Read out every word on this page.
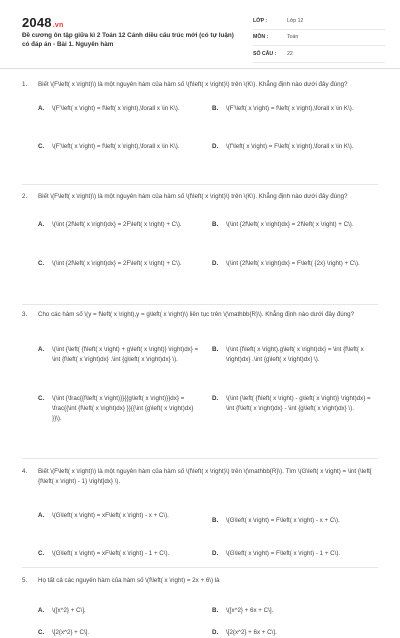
2048.vn
Đề cương ôn tập giữa kì 2 Toán 12 Cánh diều cấu trúc mới (có tự luận) có đáp án - Bài 1. Nguyên hàm
LỚP :	Lớp 12
MÔN :	Toán
SỐ CÂU :	22
1.	Biết \(F\left( x \right)\) là một nguyên hàm của hàm số \(f\left( x \right)\) trên \(K\). Khẳng định nào dưới đây đúng?
A.	\(F'\left( x \right) = f\left( x \right),\forall x \in K\).	B.	\(F'\left( x \right) = f\left( x \right),\forall x \in K\).
C.	\(F'\left( x \right) = f\left( x \right),\forall x \in K\).	D.	\(f'\left( x \right) = F\left( x \right),\forall x \in K\).
2.	Biết \(F\left( x \right)\) là một nguyên hàm của hàm số \(f\left( x \right)\) trên \(K\). Khẳng định nào dưới đây đúng?
A.	\(\int {2f\left( x \right)dx} = 2F\left( x \right) + C\).	B.	\(\int {2f\left( x \right)dx} = 2f\left( x \right) + C\).
C.	\(\int {2f\left( x \right)dx} = 2F\left( x \right) + C\).	D.	\(\int {2f\left( x \right)dx} = F\left( {2x} \right) + C\).
3.	Cho các hàm số \(y = f\left( x \right),y = g\left( x \right)\) liên tục trên \(\mathbb{R}\). Khẳng định nào dưới đây đúng?
A.	\(\int {\left( {f\left( x \right) + g\left( x \right)} \right)dx} = \int {f\left( x \right)dx} .\int {g\left( x \right)dx} \).
B.	\(\int {f\left( x \right).g\left( x \right)dx} = \int {f\left( x \right)dx} .\int {g\left( x \right)dx} \).
C.	\(\int {\frac{{f\left( x \right)}}{{g\left( x \right)}}dx} = \frac{{\int {f\left( x \right)dx} }}{{\int {g\left( x \right)dx} }}\).
D.	\(\int {\left( {f\left( x \right) - g\left( x \right)} \right)dx} = \int {f\left( x \right)dx} - \int {g\left( x \right)dx} \).
4.	Biết \(F\left( x \right)\) là một nguyên hàm của hàm số \(f\left( x \right)\) trên \(\mathbb{R}\). Tìm \(G\left( x \right) = \int {\left[ {f\left( x \right) - 1} \right]dx} \).
A.	\(G\left( x \right) = xF\left( x \right) - x + C\).
B.	\(G\left( x \right) = F\left( x \right) - x + C\).
C.	\(G\left( x \right) = xF\left( x \right) - 1 + C\).	D.	\(G\left( x \right) = F\left( x \right) - 1 + C\).
5.	Họ tất cả các nguyên hàm của hàm số \(f\left( x \right) = 2x + 6\) là
A.	\([x^2} + C\].	B.	\([x^2} + 6x + C\].
C.	\[2{x^2} + C\].	D.	\[2{x^2} + 6x + C\].
